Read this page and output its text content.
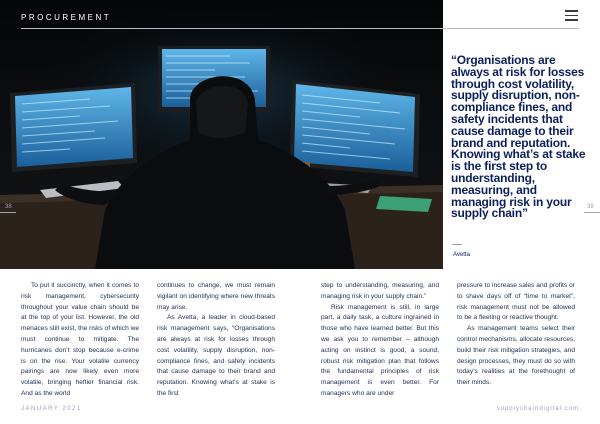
PROCUREMENT
“Organisations are always at risk for losses through cost volatility, supply disruption, non-compliance fines, and safety incidents that cause damage to their brand and reputation. Knowing what’s at stake is the first step to understanding, measuring, and managing risk in your supply chain”
Avetta
38	39

To put it succinctly, when it comes to risk management, cybersecurity throughout your value chain should be at the top of your list. However, the old menaces still exist, the risks of which we must continue to mitigate. The hurricanes don’t stop because e-crime is on the rise. Your volatile currency pairings are now likely even more volatile, bringing heftier financial risk. And as the world

continues to change, we must remain vigilant on identifying where new threats may arise.

As Avetta, a leader in cloud-based risk management says, “Organisations are always at risk for losses through cost volatility, supply disruption, non-compliance fines, and safety incidents that cause damage to their brand and reputation. Knowing what’s at stake is the first

step to understanding, measuring, and managing risk in your supply chain.”

Risk management is still, in large part, a daily task, a culture ingrained in those who have learned better. But this we ask you to remember – although acting on instinct is good, a sound, robust risk mitigation plan that follows the fundamental principles of risk management is even better. For managers who are under

pressure to increase sales and profits or to shave days off of “time to market”, risk management must not be allowed to be a fleeting or reactive thought.

As management teams select their control mechanisms, allocate resources, build their risk mitigation strategies, and design processes, they must do so with today’s realities at the forethought of their minds.

JANUARY 2021	supplychaindigital.com
